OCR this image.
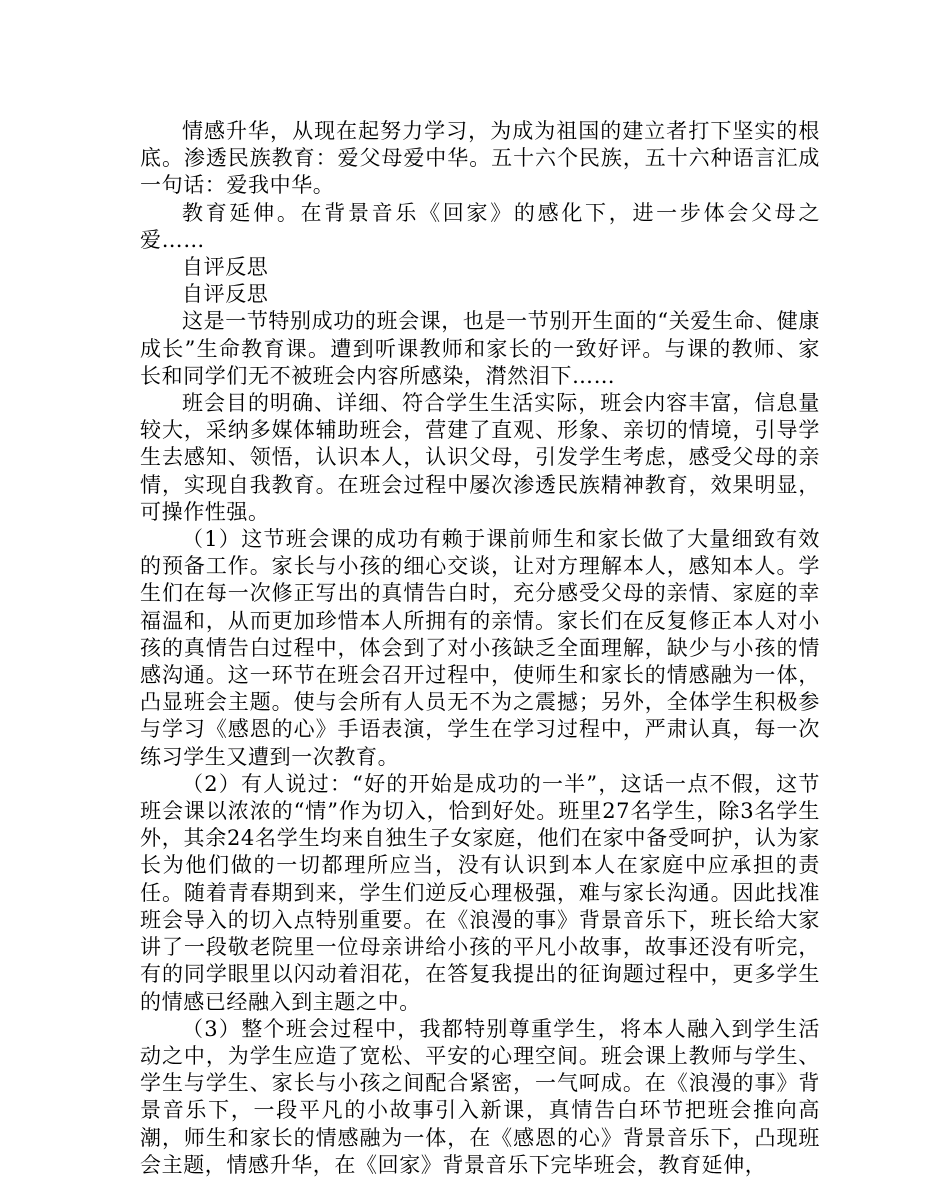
情感升华，从现在起努力学习，为成为祖国的建立者打下坚实的根底。渗透民族教育：爱父母爱中华。五十六个民族，五十六种语言汇成一句话：爱我中华。

教育延伸。在背景音乐《回家》的感化下，进一步体会父母之爱……

自评反思

自评反思

这是一节特别成功的班会课，也是一节别开生面的“关爱生命、健康成长”生命教育课。遭到听课教师和家长的一致好评。与课的教师、家长和同学们无不被班会内容所感染，潸然泪下……

班会目的明确、详细、符合学生生活实际，班会内容丰富，信息量较大，采纳多媒体辅助班会，营建了直观、形象、亲切的情境，引导学生去感知、领悟，认识本人，认识父母，引发学生考虑，感受父母的亲情，实现自我教育。在班会过程中屡次渗透民族精神教育，效果明显，可操作性强。

（1）这节班会课的成功有赖于课前师生和家长做了大量细致有效的预备工作。家长与小孩的细心交谈，让对方理解本人，感知本人。学生们在每一次修正写出的真情告白时，充分感受父母的亲情、家庭的幸福温和，从而更加珍惜本人所拥有的亲情。家长们在反复修正本人对小孩的真情告白过程中，体会到了对小孩缺乏全面理解，缺少与小孩的情感沟通。这一环节在班会召开过程中，使师生和家长的情感融为一体，凸显班会主题。使与会所有人员无不为之震撼；另外，全体学生积极参与学习《感恩的心》手语表演，学生在学习过程中，严肃认真，每一次练习学生又遭到一次教育。

（2）有人说过：“好的开始是成功的一半”，这话一点不假，这节班会课以浓浓的“情”作为切入，恰到好处。班里27名学生，除3名学生外，其余24名学生均来自独生子女家庭，他们在家中备受呵护，认为家长为他们做的一切都理所应当，没有认识到本人在家庭中应承担的责任。随着青春期到来，学生们逆反心理极强，难与家长沟通。因此找准班会导入的切入点特别重要。在《浪漫的事》背景音乐下，班长给大家讲了一段敬老院里一位母亲讲给小孩的平凡小故事，故事还没有听完，有的同学眼里以闪动着泪花，在答复我提出的征询题过程中，更多学生的情感已经融入到主题之中。

（3）整个班会过程中，我都特别尊重学生，将本人融入到学生活动之中，为学生应造了宽松、平安的心理空间。班会课上教师与学生、学生与学生、家长与小孩之间配合紧密，一气呵成。在《浪漫的事》背景音乐下，一段平凡的小故事引入新课，真情告白环节把班会推向高潮，师生和家长的情感融为一体，在《感恩的心》背景音乐下，凸现班会主题，情感升华，在《回家》背景音乐下完毕班会，教育延伸，
